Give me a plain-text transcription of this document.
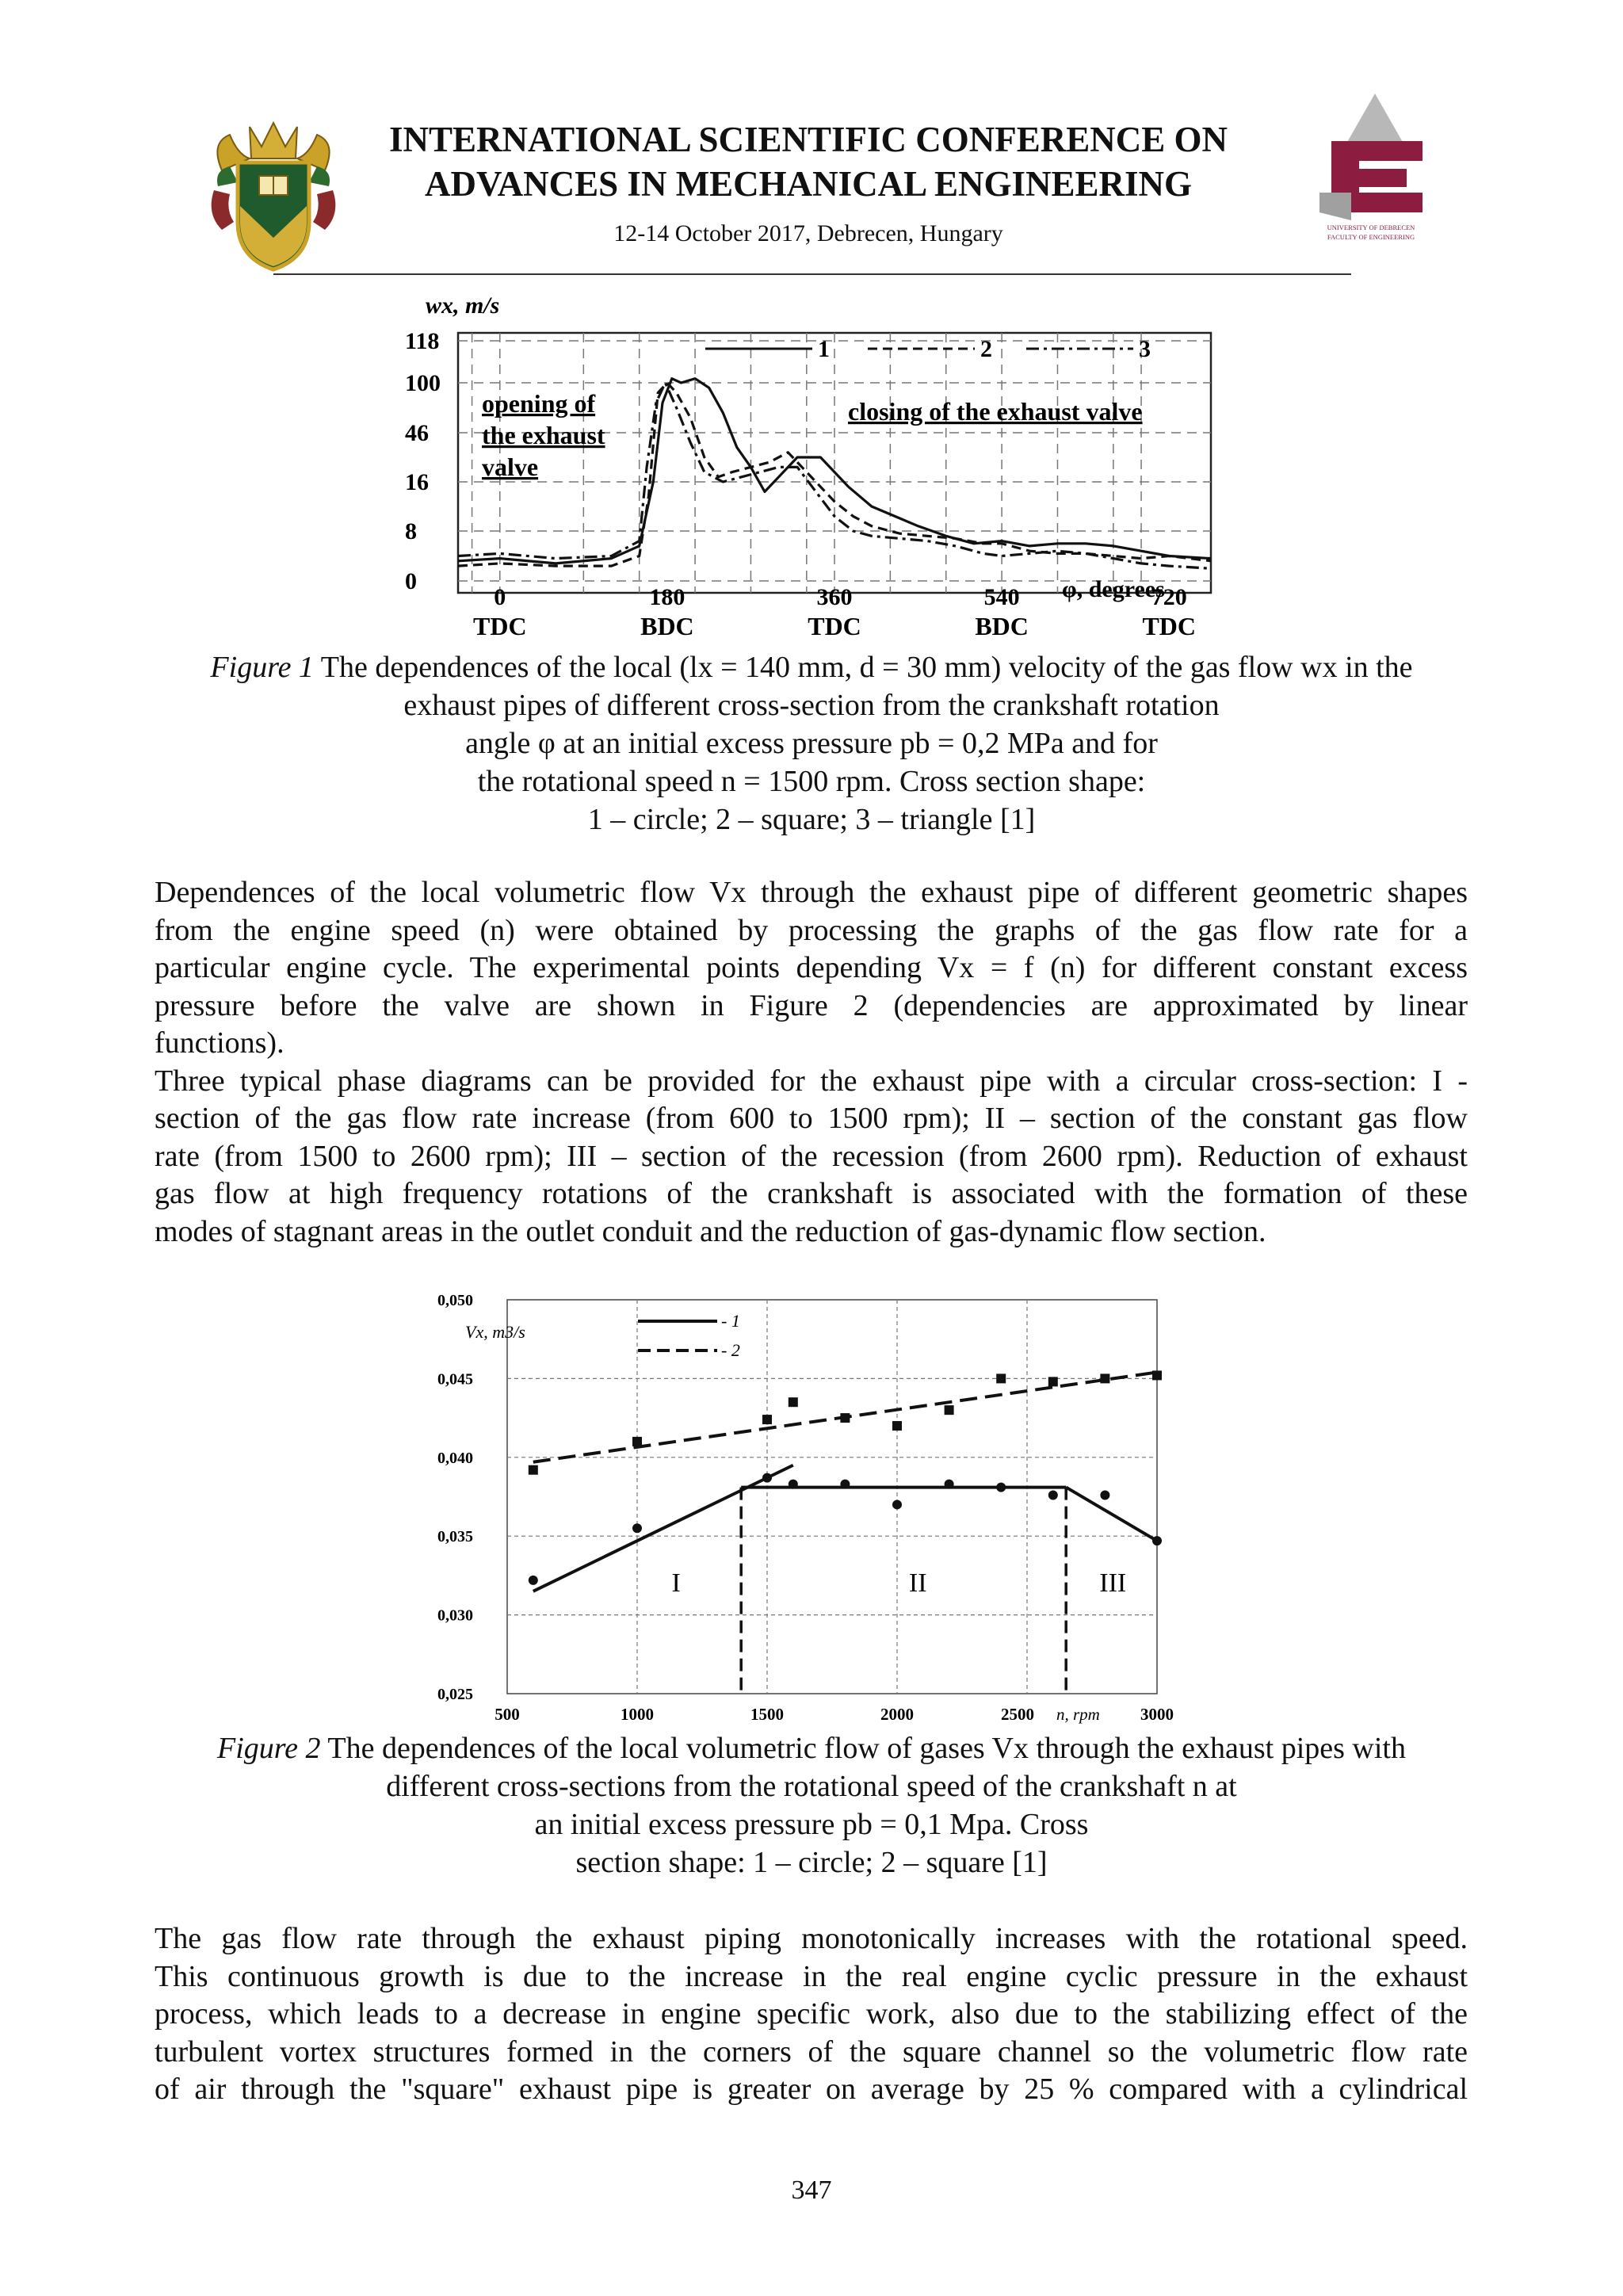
INTERNATIONAL SCIENTIFIC CONFERENCE ON
ADVANCES IN MECHANICAL ENGINEERING
12-14 October 2017, Debrecen, Hungary	UNIVERSITY OF DEBRECEN
FACULTY OF ENGINEERING
0
8
16
46
100
118
0
TDC
180
BDC
360
TDC
540
BDC
720
TDC
wx, m/s
φ, degrees
1	2	3
opening of
the exhaust
valve
closing of the exhaust valve
Figure 1 The dependences of the local (lx = 140 mm, d = 30 mm) velocity of the gas flow wx in the
exhaust pipes of different cross-section from the crankshaft rotation
angle φ at an initial excess pressure pb = 0,2 MPa and for
the rotational speed n = 1500 rpm. Cross section shape:
1 – circle; 2 – square; 3 – triangle [1]
Dependences of the local volumetric flow Vx through the exhaust pipe of different geometric shapes
from the engine speed (n) were obtained by processing the graphs of the gas flow rate for a
particular engine cycle. The experimental points depending Vx = f (n) for different constant excess
pressure before the valve are shown in Figure 2 (dependencies are approximated by linear
functions).
Three typical phase diagrams can be provided for the exhaust pipe with a circular cross-section: I -
section of the gas flow rate increase (from 600 to 1500 rpm); II – section of the constant gas flow
rate (from 1500 to 2600 rpm); III – section of the recession (from 2600 rpm). Reduction of exhaust
gas flow at high frequency rotations of the crankshaft is associated with the formation of these
modes of stagnant areas in the outlet conduit and the reduction of gas-dynamic flow section.
0,025
0,030
0,035
0,040
0,045
0,050
500	1000	1500	2000	2500	3000
Vx, m3/s
n, rpm
- 1
- 2
I	II	III
Figure 2 The dependences of the local volumetric flow of gases Vx through the exhaust pipes with
different cross-sections from the rotational speed of the crankshaft n at
an initial excess pressure pb = 0,1 Mpa. Cross
section shape: 1 – circle; 2 – square [1]
The gas flow rate through the exhaust piping monotonically increases with the rotational speed.
This continuous growth is due to the increase in the real engine cyclic pressure in the exhaust
process, which leads to a decrease in engine specific work, also due to the stabilizing effect of the
turbulent vortex structures formed in the corners of the square channel so the volumetric flow rate
of air through the "square" exhaust pipe is greater on average by 25 % compared with a cylindrical
347
